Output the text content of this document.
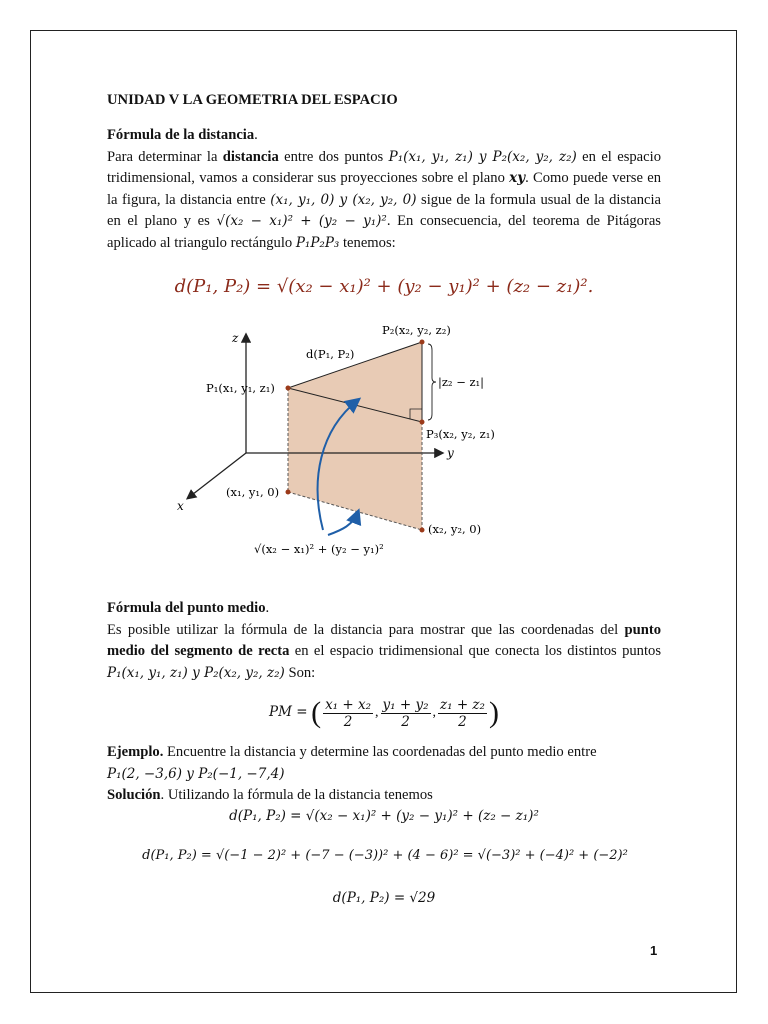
UNIDAD V LA GEOMETRIA DEL ESPACIO
Fórmula de la distancia.
Para determinar la distancia entre dos puntos P₁(x₁, y₁, z₁) y P₂(x₂, y₂, z₂) en el espacio tridimensional, vamos a considerar sus proyecciones sobre el plano xy. Como puede verse en la figura, la distancia entre (x₁, y₁, 0) y (x₂, y₂, 0) sigue de la formula usual de la distancia en el plano y es √(x₂ − x₁)² + (y₂ − y₁)². En consecuencia, del teorema de Pitágoras aplicado al triangulo rectángulo P₁P₂P₃ tenemos:
d(P₁, P₂) = √(x₂ − x₁)² + (y₂ − y₁)² + (z₂ − z₁)².
z
y
x
P₁(x₁, y₁, z₁)
P₂(x₂, y₂, z₂)
P₃(x₂, y₂, z₁)
d(P₁, P₂)
|z₂ − z₁|
(x₁, y₁, 0)
(x₂, y₂, 0)
√(x₂ − x₁)² + (y₂ − y₁)²
Fórmula del punto medio.
Es posible utilizar la fórmula de la distancia para mostrar que las coordenadas del punto medio del segmento de recta en el espacio tridimensional que conecta los distintos puntos P₁(x₁, y₁, z₁) y P₂(x₂, y₂, z₂) Son:
PM = ( $\frac{\text{x₁ + x₂}}{2}$ , $\frac{\text{y₁ + y₂}}{2}$ , $\frac{\text{z₁ + z₂}}{2}$ )
Ejemplo. Encuentre la distancia y determine las coordenadas del punto medio entre
P₁(2, −3,6) y P₂(−1, −7,4)
Solución. Utilizando la fórmula de la distancia tenemos
d(P₁, P₂) = √(x₂ − x₁)² + (y₂ − y₁)² + (z₂ − z₁)²
d(P₁, P₂) = √(−1 − 2)² + (−7 − (−3))² + (4 − 6)² = √(−3)² + (−4)² + (−2)²
d(P₁, P₂) = √29
1
